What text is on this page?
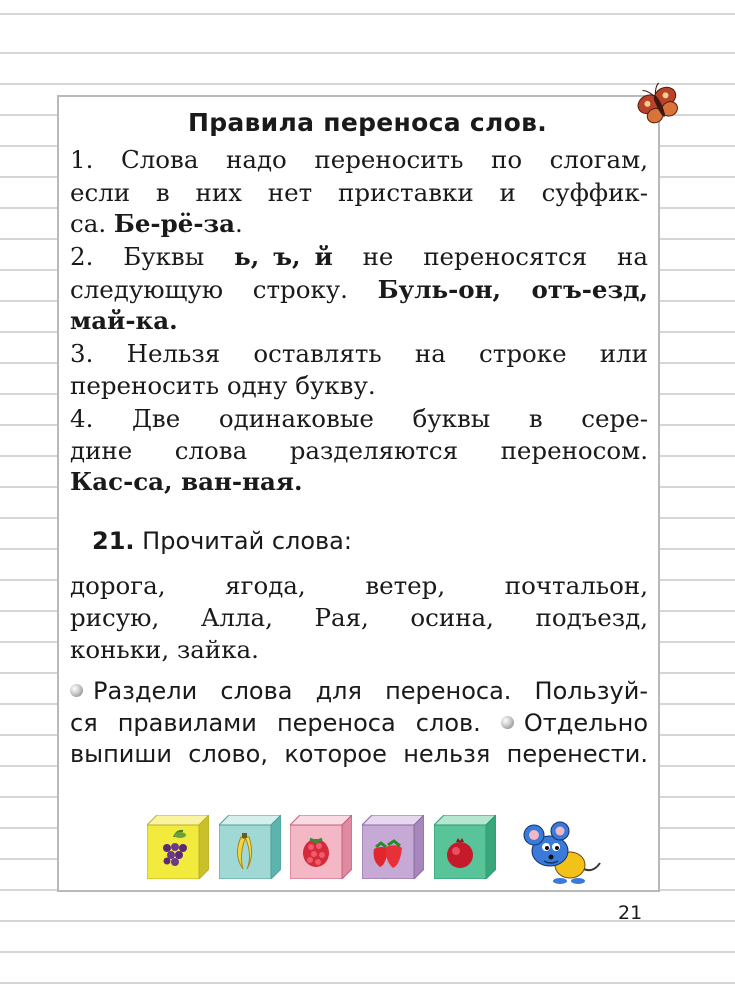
Правила переноса слов.

1. Слова надо переносить по слогам,

если в них нет приставки и суффик-

са. Бе-рё-за.

2. Буквы ь, ъ, й не переносятся на

следующую строку. Буль-он, отъ-езд,

май-ка.

3. Нельзя оставлять на строке или

переносить одну букву.

4. Две одинаковые буквы в сере-

дине слова разделяются переносом.

Кас-са, ван-ная.

21. Прочитай слова:

дорога, ягода, ветер, почтальон,

рисую, Алла, Рая, осина, подъезд,

коньки, зайка.

Раздели слова для переноса. Пользуй-

ся правилами переноса слов. Отдельно

выпиши слово, которое нельзя перенести.

21
